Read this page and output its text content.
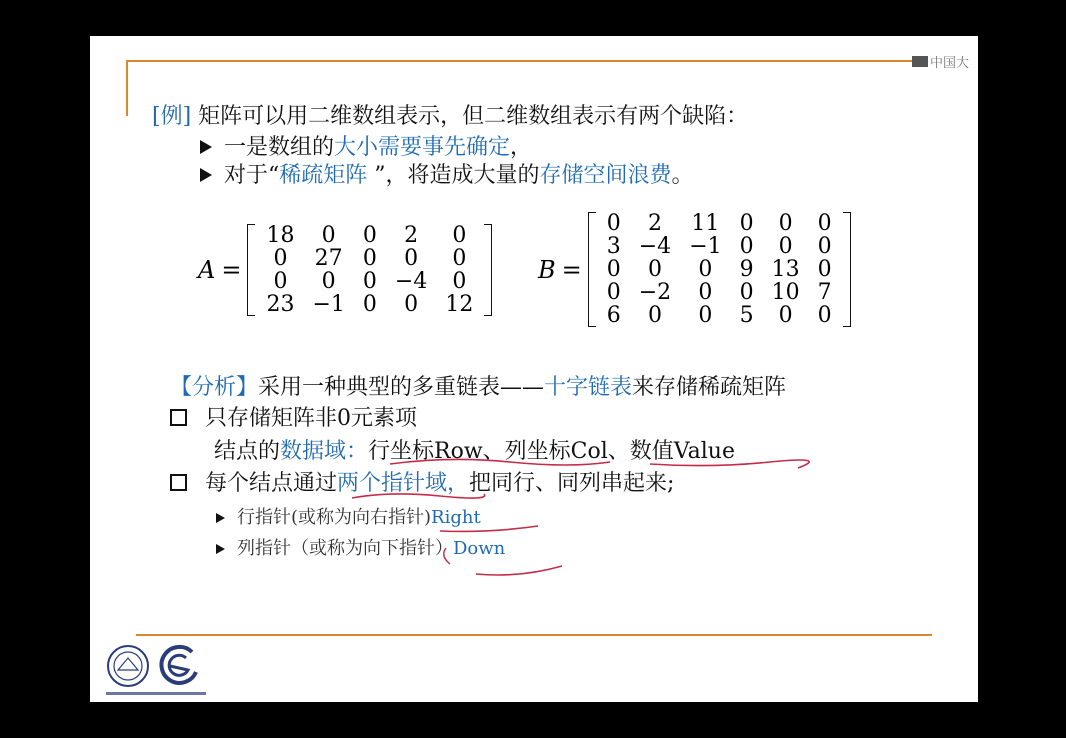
中国大
[例] 矩阵可以用二维数组表示，但二维数组表示有两个缺陷：
一是数组的大小需要事先确定，
对于“稀疏矩阵 ”，将造成大量的存储空间浪费。
A =
18	0	0	2	0
0	27	0	0	0
0	0	0	−4	0
23	−1	0	0	12
B =
0	2	11	0	0	0
3	−4	−1	0	0	0
0	0	0	9	13	0
0	−2	0	0	10	7
6	0	0	5	0	0
【分析】采用一种典型的多重链表——十字链表来存储稀疏矩阵
只存储矩阵非0元素项
结点的数据域：行坐标Row、列坐标Col、数值Value
每个结点通过两个指针域，把同行、同列串起来;
行指针(或称为向右指针)Right
列指针（或称为向下指针）Down
